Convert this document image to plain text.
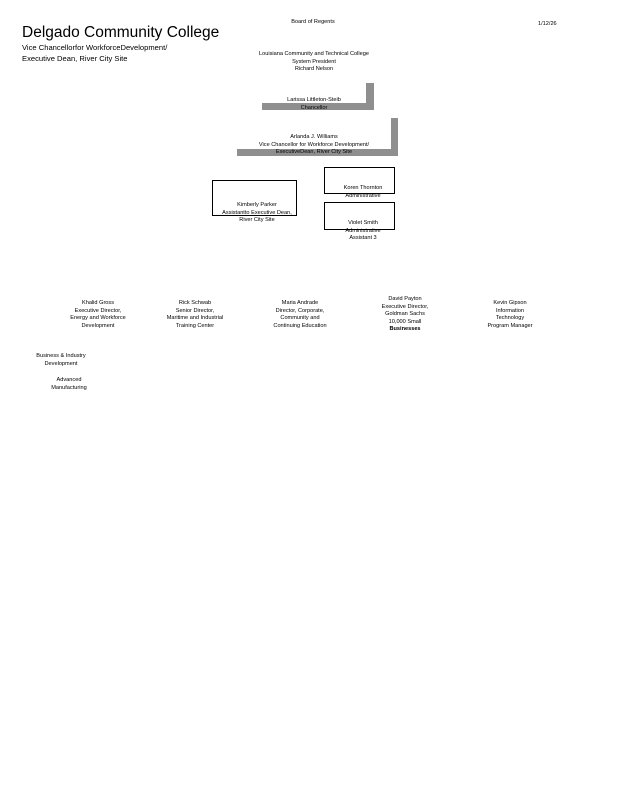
Delgado Community College
Vice Chancellorfor WorkforceDevelopment/
Executive Dean, River City Site
1/12/26
Board of Regents
Louisiana Community and Technical College
System President
Richard Nelson
Larissa Littleton-Steib
Chancellor
Arlanda J. Williams
Vice Chancellor for Workforce Development/
ExecutiveDean, River City Site
Kimberly Parker
Assistantto Executive Dean,
River City Site
Koren Thornton
Administrative
Violet Smith
Administrative
Assistant 3
Khalid Gross
Executive Director,
Energy and Workforce
Development
Rick Schwab
Senior Director,
Maritime and Industrial
Training Center
Maria Andrade
Director, Corporate,
Community and
Continuing Education
David Payton
Executive Director,
Goldman Sachs
10,000 Small
Businesses
Kevin Gipson
Information
Technology
Program Manager
Business & Industry
Development
Advanced
Manufacturing
